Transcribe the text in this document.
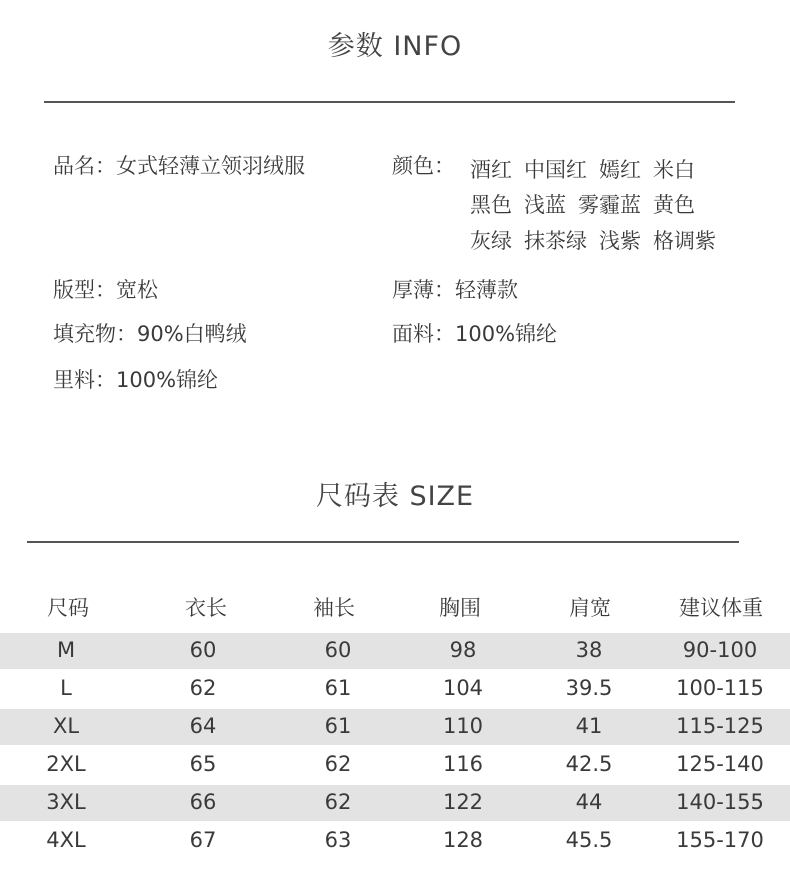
参数 INFO
品名：女式轻薄立领羽绒服	颜色： 酒红 中国红 嫣红 米白
黑色 浅蓝 雾霾蓝 黄色
灰绿 抹茶绿 浅紫 格调紫
版型：宽松	厚薄：轻薄款
填充物：90%白鸭绒	面料：100%锦纶
里料：100%锦纶
尺码表 SIZE
尺码	衣长	袖长	胸围	肩宽	建议体重
M	60	60	98	38	90-100
L	62	61	104	39.5	100-115
XL	64	61	110	41	115-125
2XL	65	62	116	42.5	125-140
3XL	66	62	122	44	140-155
4XL	67	63	128	45.5	155-170
